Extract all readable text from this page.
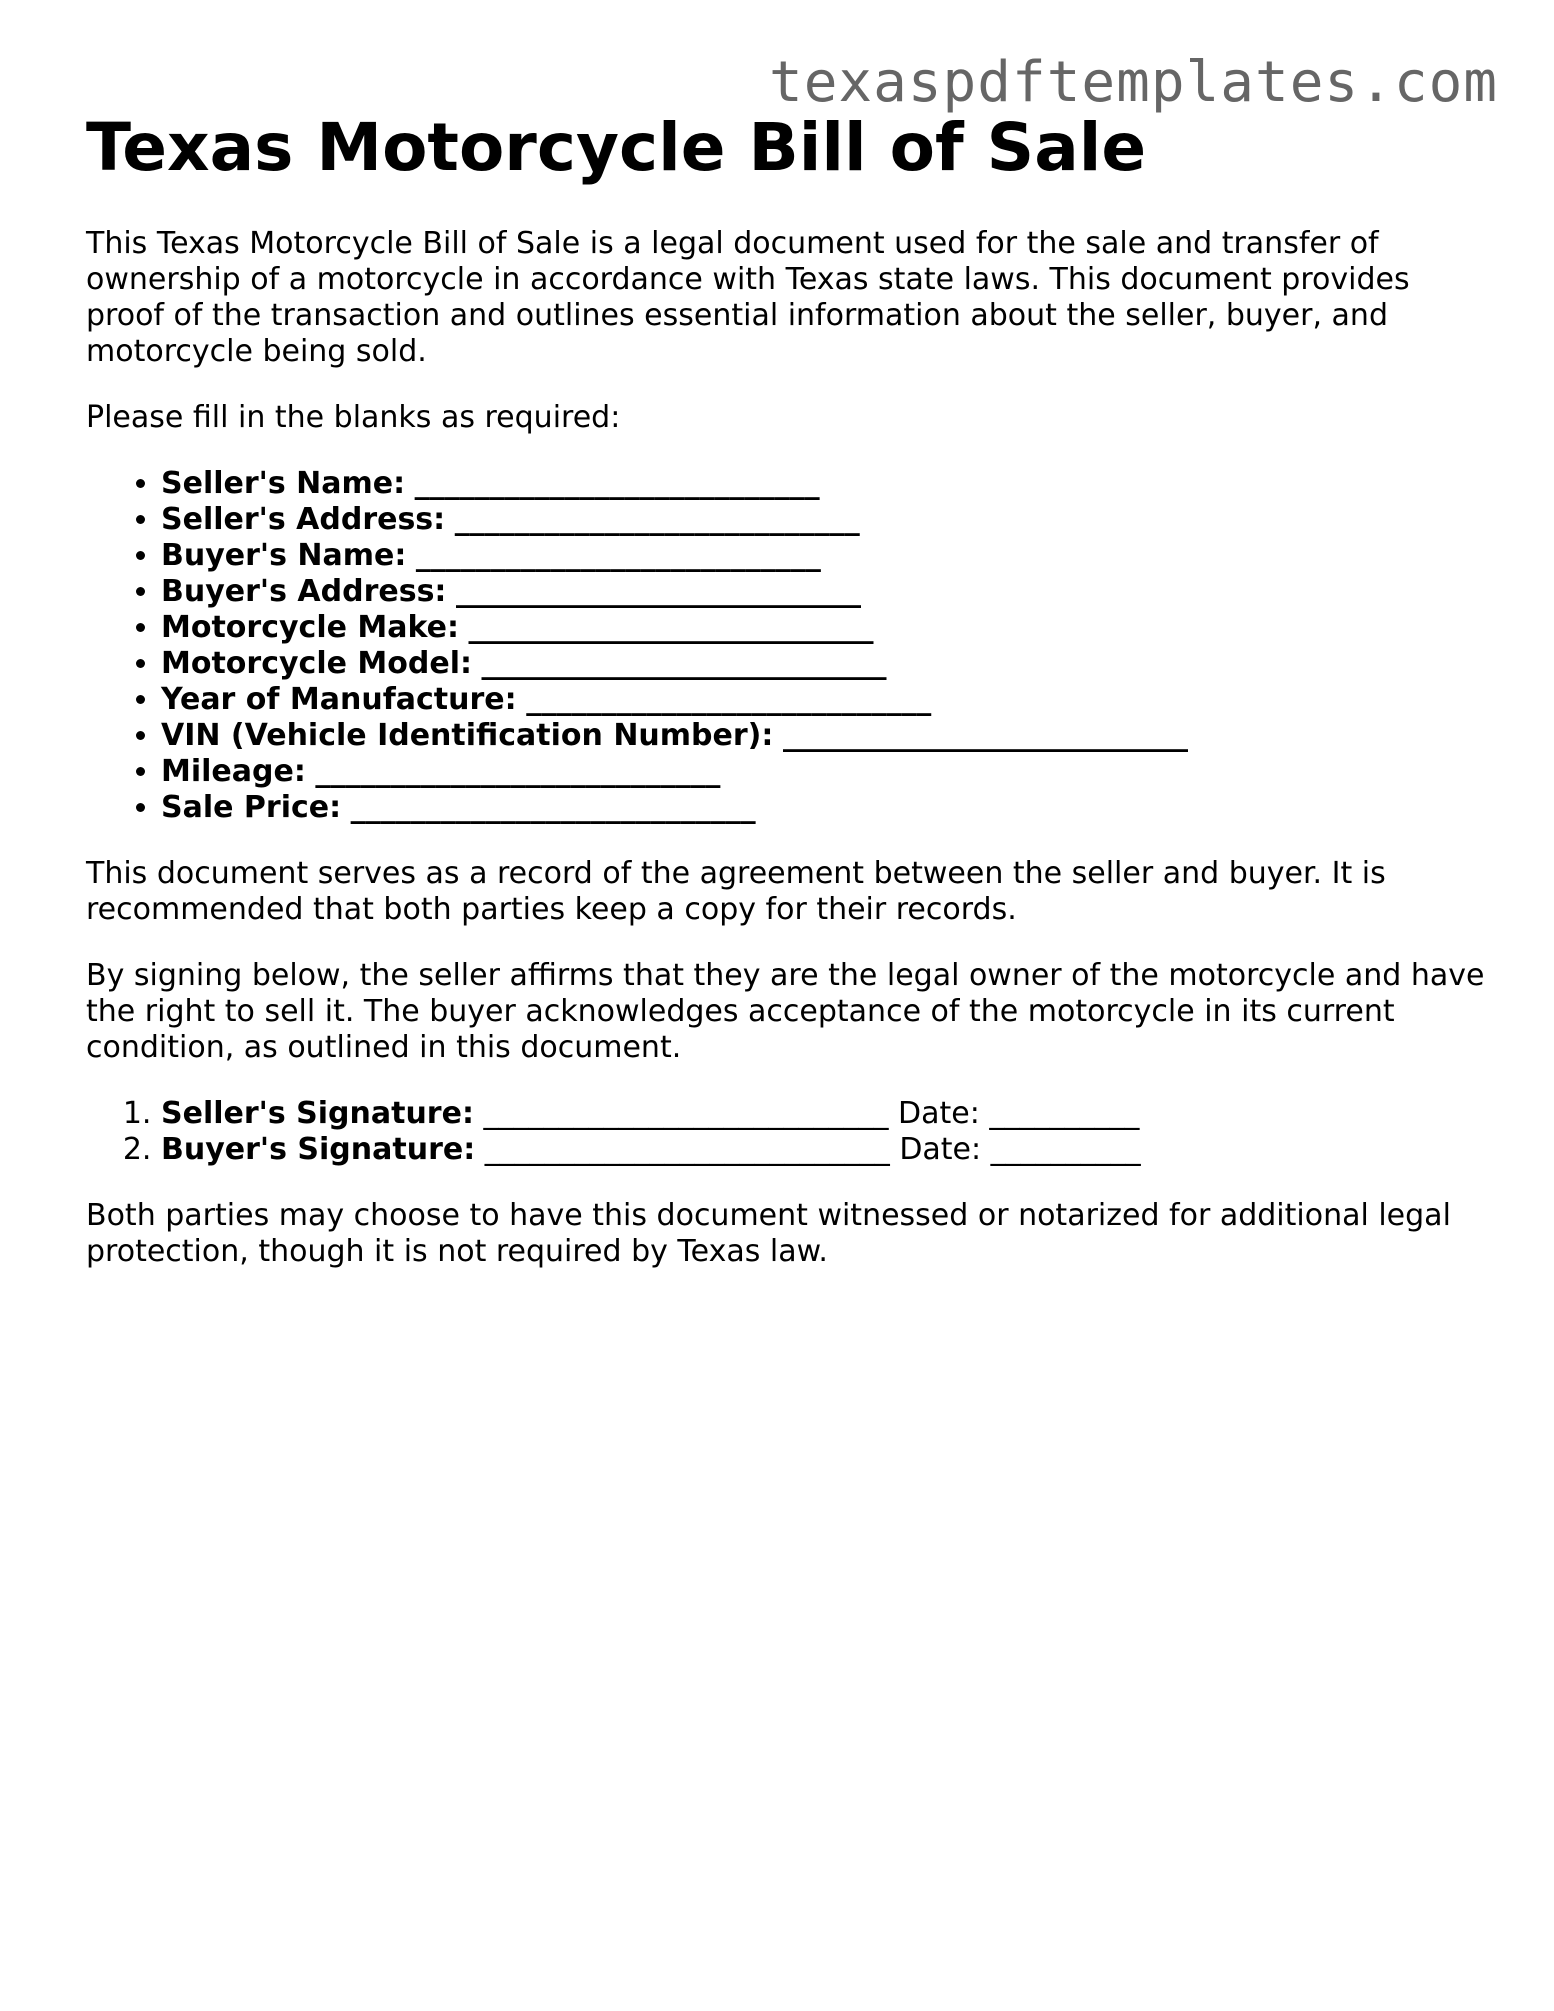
texaspdftemplates.com
Texas Motorcycle Bill of Sale

This Texas Motorcycle Bill of Sale is a legal document used for the sale and transfer of ownership of a motorcycle in accordance with Texas state laws. This document provides proof of the transaction and outlines essential information about the seller, buyer, and motorcycle being sold.

Please fill in the blanks as required:

• Seller's Name: ___________________________
• Seller's Address: ___________________________
• Buyer's Name: ___________________________
• Buyer's Address: ___________________________
• Motorcycle Make: ___________________________
• Motorcycle Model: ___________________________
• Year of Manufacture: ___________________________
• VIN (Vehicle Identification Number): ___________________________
• Mileage: ___________________________
• Sale Price: ___________________________

This document serves as a record of the agreement between the seller and buyer. It is recommended that both parties keep a copy for their records.

By signing below, the seller affirms that they are the legal owner of the motorcycle and have the right to sell it. The buyer acknowledges acceptance of the motorcycle in its current condition, as outlined in this document.

1. Seller's Signature: ___________________________ Date: __________
2. Buyer's Signature: ___________________________ Date: __________

Both parties may choose to have this document witnessed or notarized for additional legal protection, though it is not required by Texas law.
